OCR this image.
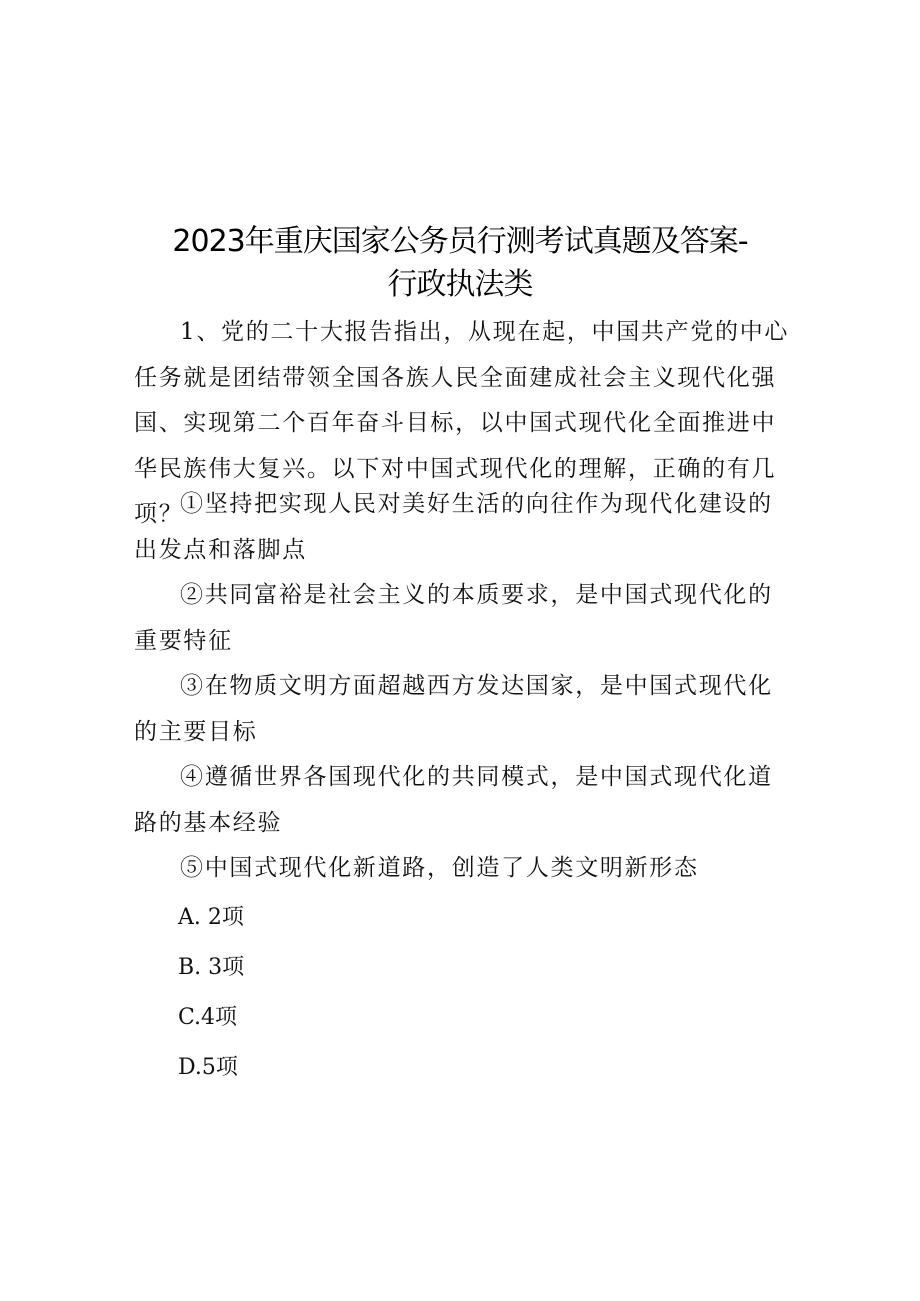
2023年重庆国家公务员行测考试真题及答案-
行政执法类

1、党的二十大报告指出，从现在起，中国共产党的中心任务就是团结带领全国各族人民全面建成社会主义现代化强国、实现第二个百年奋斗目标，以中国式现代化全面推进中华民族伟大复兴。以下对中国式现代化的理解，正确的有几项？

①坚持把实现人民对美好生活的向往作为现代化建设的出发点和落脚点

②共同富裕是社会主义的本质要求，是中国式现代化的重要特征

③在物质文明方面超越西方发达国家，是中国式现代化的主要目标

④遵循世界各国现代化的共同模式，是中国式现代化道路的基本经验

⑤中国式现代化新道路，创造了人类文明新形态

A. 2项
B. 3项
C.4项
D.5项
